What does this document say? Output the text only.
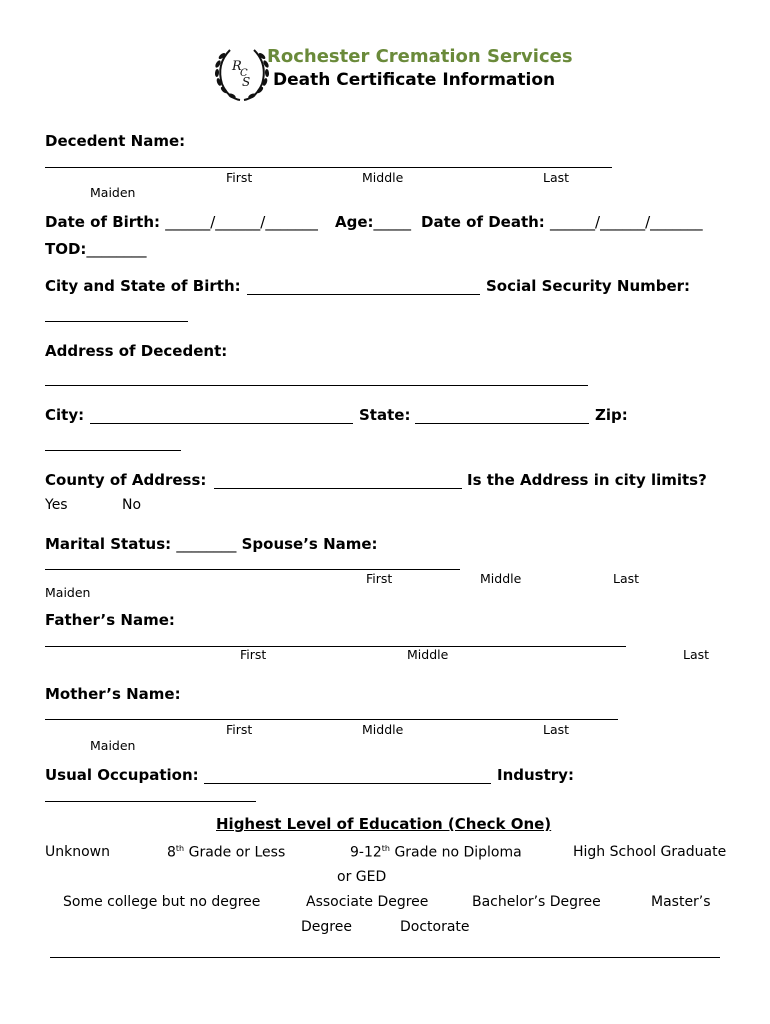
R
C
S
Rochester Cremation Services
Death Certificate Information
Decedent Name:
First	Middle	Last
Maiden
Date of Birth: ______/______/_______ Age:_____ Date of Death: ______/______/_______
TOD:________
City and State of Birth:	Social Security Number:
Address of Decedent:
City:	State:	Zip:
County of Address:	Is the Address in city limits?
Yes	No
Marital Status: ________ Spouse’s Name:
First	Middle	Last
Maiden
Father’s Name:
First	Middle	Last
Mother’s Name:
First	Middle	Last
Maiden
Usual Occupation:	Industry:
Highest Level of Education (Check One)
Unknown	8th Grade or Less	9-12th Grade no Diploma	High School Graduate
or GED
Some college but no degree	Associate Degree	Bachelor’s Degree	Master’s
Degree	Doctorate
